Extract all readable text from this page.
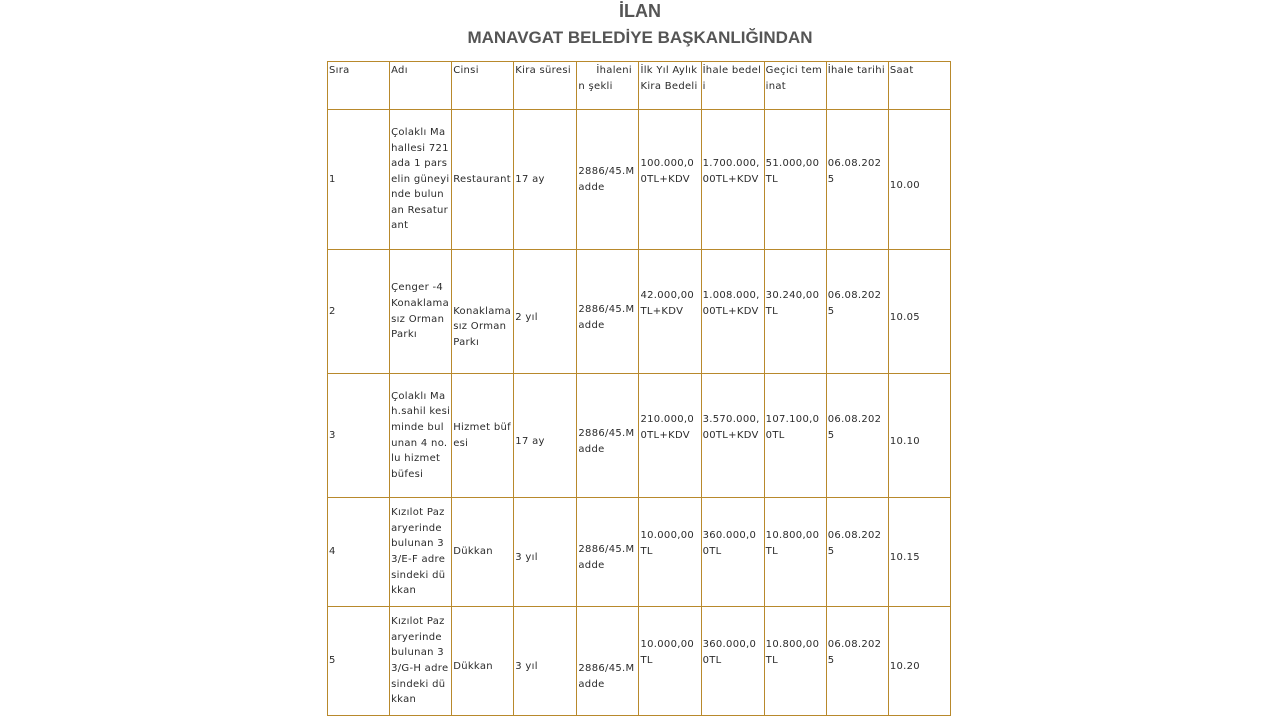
İLAN
MANAVGAT BELEDİYE BAŞKANLIĞINDAN
Sıra	Adı	Cinsi	Kira süresi	İhalenin şekli	İlk Yıl Aylık Kira Bedeli	İhale bedeli	Geçici teminat	İhale tarihi	Saat
1	Çolaklı Mahallesi 721 ada 1 parselin güneyinde bulunan Resaturant	Restaurant	17 ay	2886/45.Madde	100.000,00TL+KDV	1.700.000,00TL+KDV	51.000,00TL	06.08.2025	10.00

2	Çenger -4 Konaklamasız Orman Parkı	Konaklamasız Orman Parkı	2 yıl	2886/45.Madde	42.000,00TL+KDV	1.008.000,00TL+KDV	30.240,00TL	06.08.2025	10.05

3	Çolaklı Mah.sahil kesiminde bulunan 4 no.lu hizmet büfesi	Hizmet büfesi	17 ay	2886/45.Madde	210.000,00TL+KDV	3.570.000,00TL+KDV	107.100,00TL	06.08.2025	10.10

4	Kızılot Pazaryerinde bulunan 33/E-F adresindeki dükkan	Dükkan	3 yıl	2886/45.Madde	10.000,00TL	360.000,00TL	10.800,00TL	06.08.2025	10.15

5	Kızılot Pazaryerinde bulunan 33/G-H adresindeki dükkan	Dükkan	3 yıl	2886/45.Madde	10.000,00TL	360.000,00TL	10.800,00TL	06.08.2025	10.20
